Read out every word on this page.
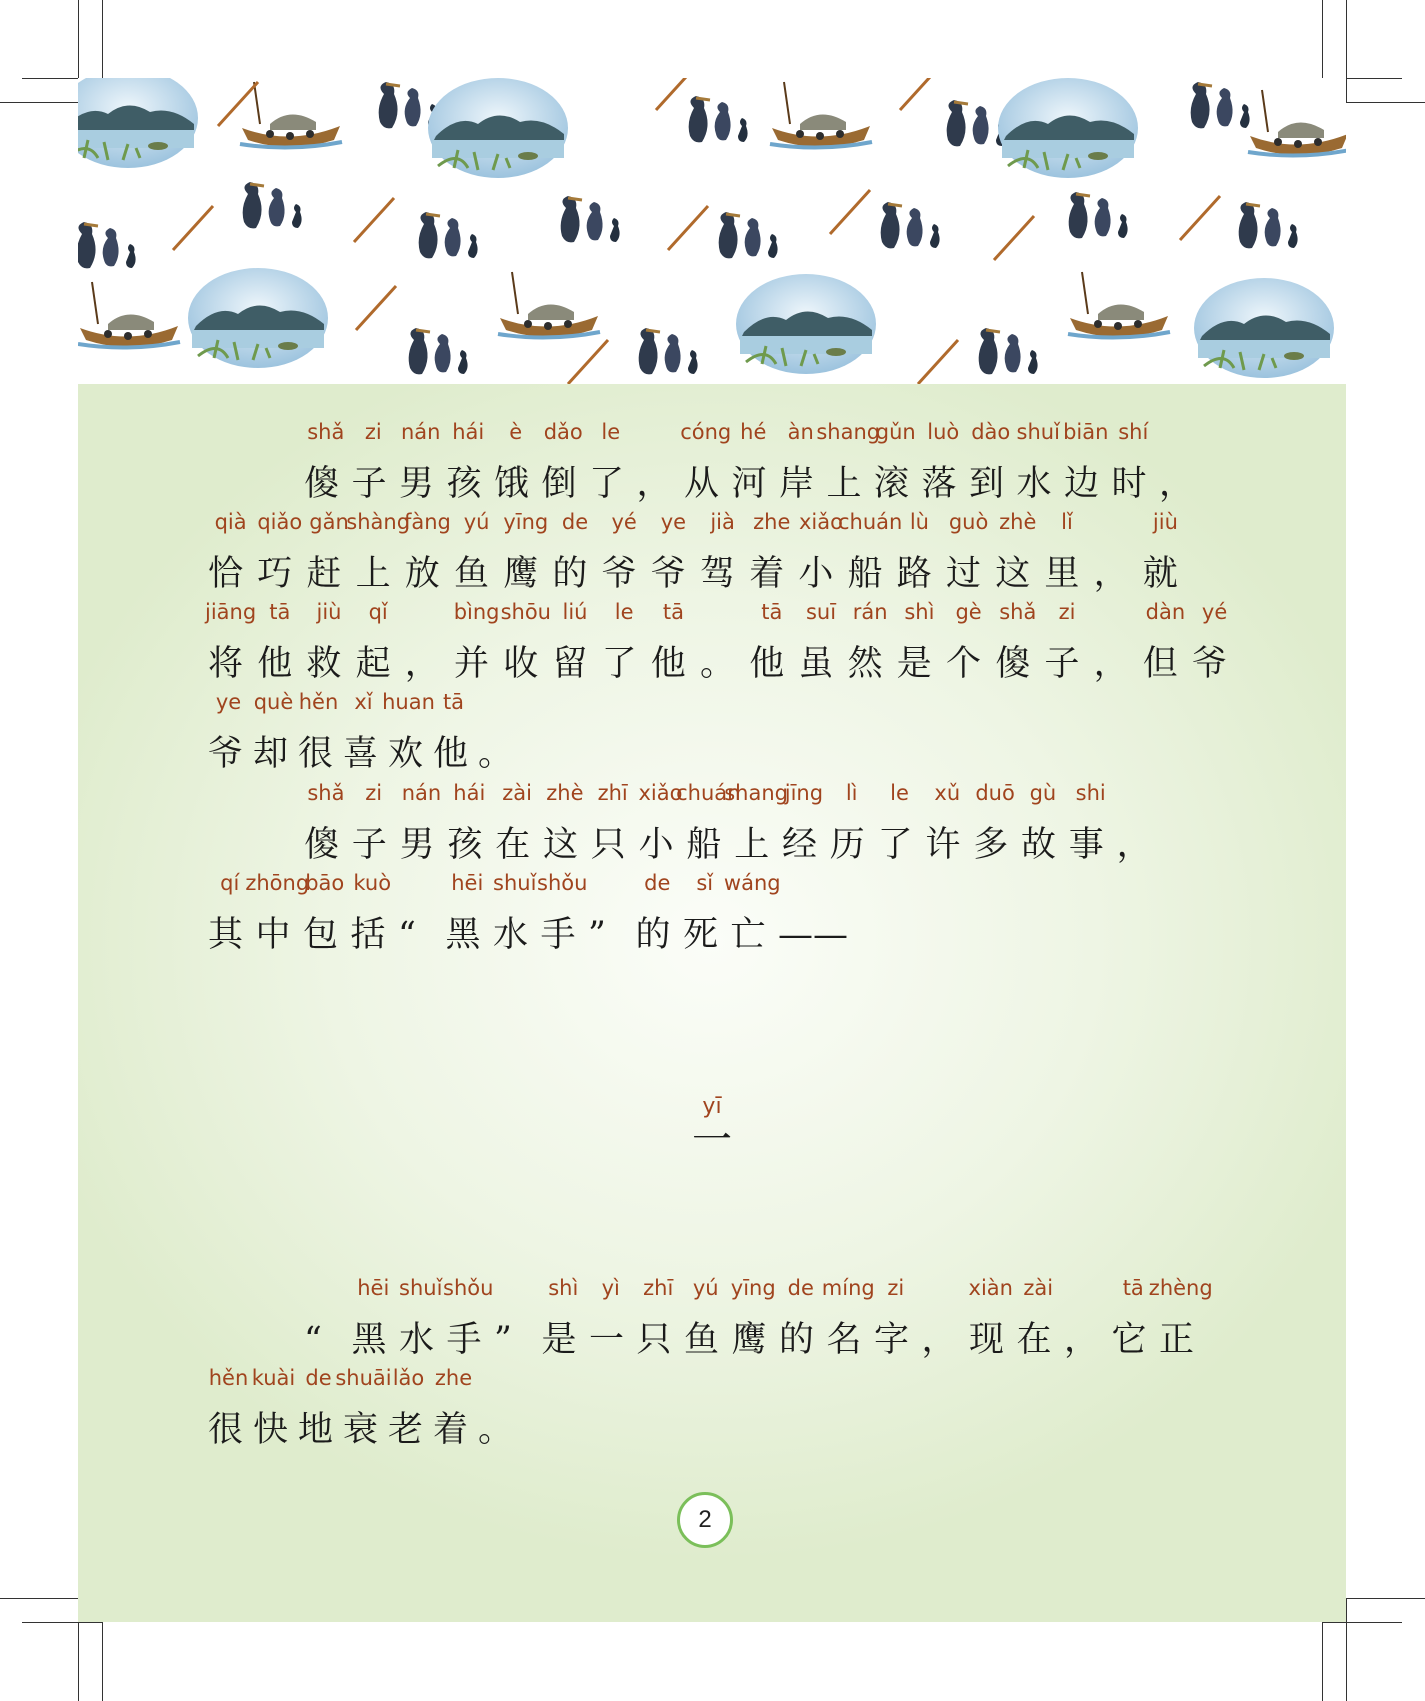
傻
shǎ
子
zi
男
nán
孩
hái
饿
è
倒
dǎo
了
le
， 从
cóng
河
hé
岸
àn
上
shang
滚
gǔn
落
luò
到
dào
水
shuǐ
边
biān
时
shí
，
恰
qià
巧
qiǎo
赶
gǎn
上
shàng
放
fàng
鱼
yú
鹰
yīng
的
de
爷
yé
爷
ye
驾
jià
着
zhe
小
xiǎo
船
chuán
路
lù
过
guò
这
zhè
里
lǐ
， 就
jiù
将
jiāng
他
tā
救
jiù
起
qǐ
， 并
bìng
收
shōu
留
liú
了
le
他
tā
。 他
tā
虽
suī
然
rán
是
shì
个
gè
傻
shǎ
子
zi
， 但
dàn
爷
yé
爷
ye
却
què
很
hěn
喜
xǐ
欢
huan
他
tā
。
傻
shǎ
子
zi
男
nán
孩
hái
在
zài
这
zhè
只
zhī
小
xiǎo
船
chuán
上
shang
经
jīng
历
lì
了
le
许
xǔ
多
duō
故
gù
事
shi
，
其
qí
中
zhōng
包
bāo
括
kuò
“ 黑
hēi
水
shuǐ
手
shǒu
” 的
de
死
sǐ
亡
wáng
——
yī
一
“ 黑
hēi
水
shuǐ
手
shǒu
” 是
shì
一
yì
只
zhī
鱼
yú
鹰
yīng
的
de
名
míng
字
zi
， 现
xiàn
在
zài
， 它
tā
正
zhèng
很
hěn
快
kuài
地
de
衰
shuāi
老
lǎo
着
zhe
。
2
